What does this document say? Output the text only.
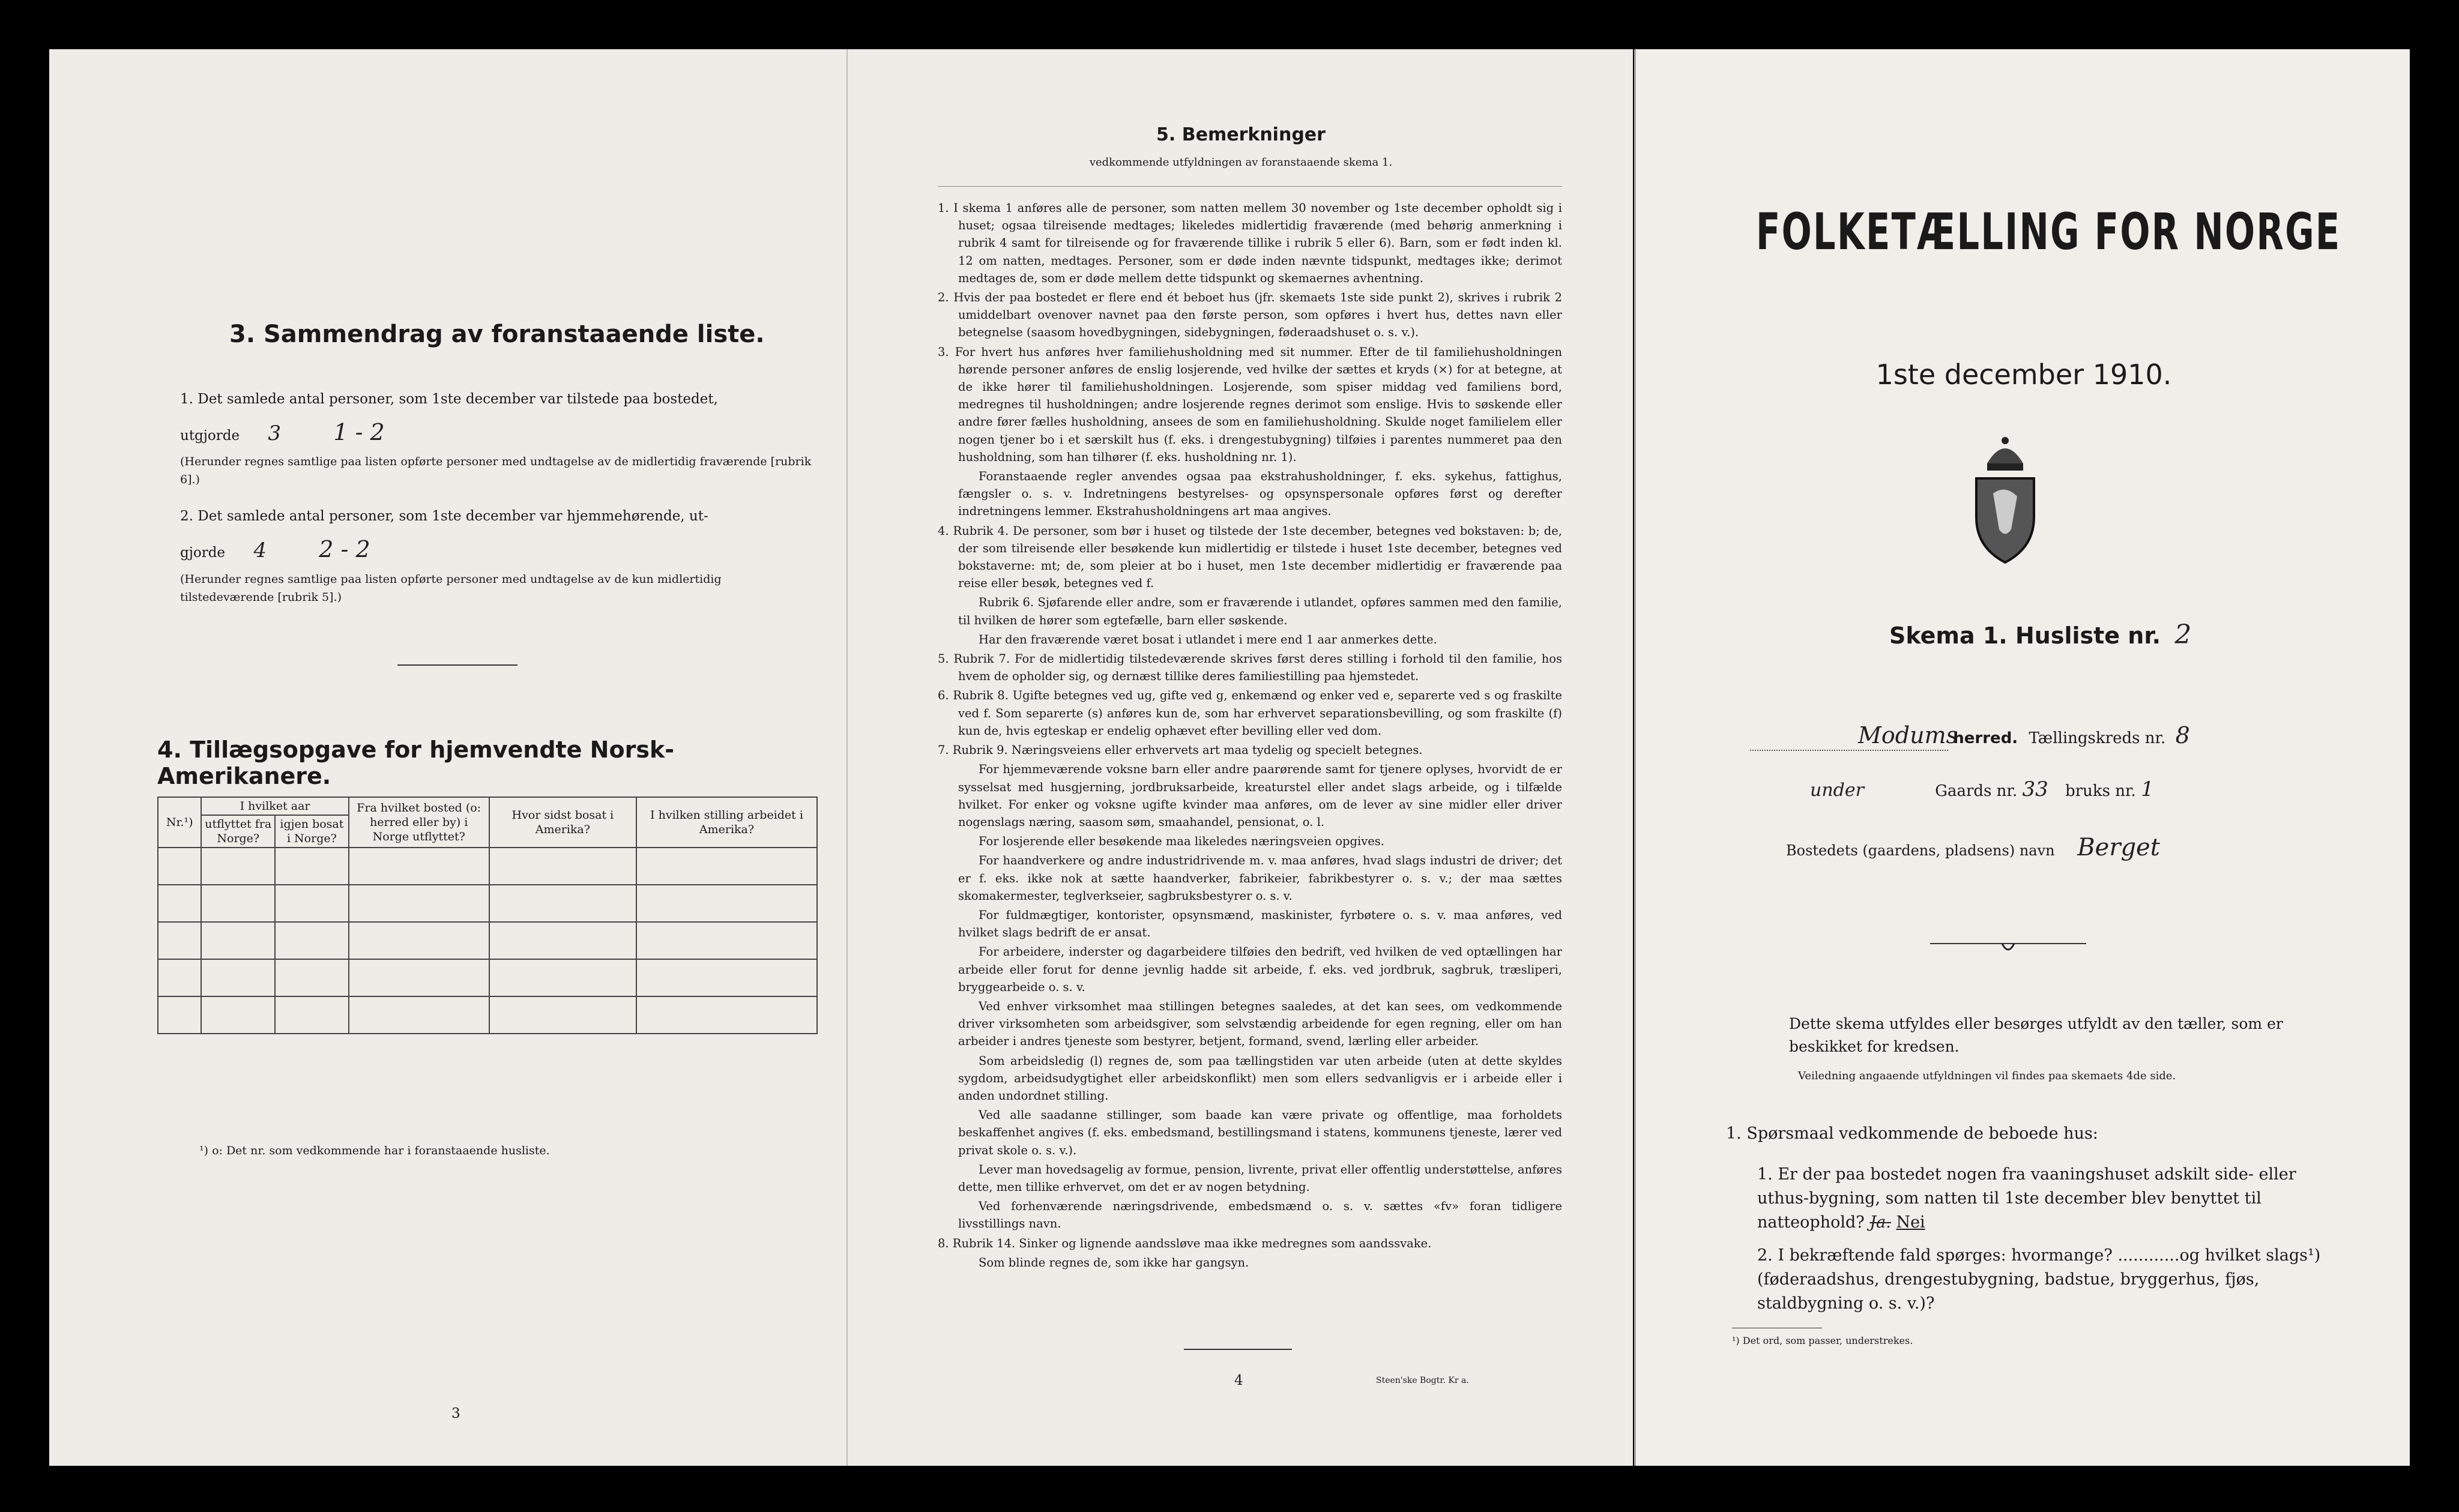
3. Sammendrag av foranstaaende liste.
1. Det samlede antal personer, som 1ste december var tilstede paa bostedet,
utgjorde 3 1 - 2
(Herunder regnes samtlige paa listen opførte personer med undtagelse av de midlertidig fraværende [rubrik 6].)
2. Det samlede antal personer, som 1ste december var hjemmehørende, ut-
gjorde 4 2 - 2
(Herunder regnes samtlige paa listen opførte personer med undtagelse av de kun midlertidig tilstedeværende [rubrik 5].)
4. Tillægsopgave for hjemvendte Norsk-Amerikanere.
Nr.¹)	I hvilket aar		Fra hvilket bosted (o: herred eller by) i Norge utflyttet?	Hvor sidst bosat i Amerika?	I hvilken stilling arbeidet i Amerika?
	utflyttet fra Norge?	igjen bosat i Norge?			

¹) o: Det nr. som vedkommende har i foranstaaende husliste.
3
5. Bemerkninger
vedkommende utfyldningen av foranstaaende skema 1.

1. I skema 1 anføres alle de personer, som natten mellem 30 november og 1ste december opholdt sig i huset; ogsaa tilreisende medtages; likeledes midlertidig fraværende (med behørig anmerkning i rubrik 4 samt for tilreisende og for fraværende tillike i rubrik 5 eller 6). Barn, som er født inden kl. 12 om natten, medtages. Personer, som er døde inden nævnte tidspunkt, medtages ikke; derimot medtages de, som er døde mellem dette tidspunkt og skemaernes avhentning.

2. Hvis der paa bostedet er flere end ét beboet hus (jfr. skemaets 1ste side punkt 2), skrives i rubrik 2 umiddelbart ovenover navnet paa den første person, som opføres i hvert hus, dettes navn eller betegnelse (saasom hovedbygningen, sidebygningen, føderaadshuset o. s. v.).

3. For hvert hus anføres hver familiehusholdning med sit nummer. Efter de til familiehusholdningen hørende personer anføres de enslig losjerende, ved hvilke der sættes et kryds (×) for at betegne, at de ikke hører til familiehusholdningen. Losjerende, som spiser middag ved familiens bord, medregnes til husholdningen; andre losjerende regnes derimot som enslige. Hvis to søskende eller andre fører fælles husholdning, ansees de som en familiehusholdning. Skulde noget familielem eller nogen tjener bo i et særskilt hus (f. eks. i drengestubygning) tilføies i parentes nummeret paa den husholdning, som han tilhører (f. eks. husholdning nr. 1).

Foranstaaende regler anvendes ogsaa paa ekstrahusholdninger, f. eks. sykehus, fattighus, fængsler o. s. v. Indretningens bestyrelses- og opsynspersonale opføres først og derefter indretningens lemmer. Ekstrahusholdningens art maa angives.

4. Rubrik 4. De personer, som bør i huset og tilstede der 1ste december, betegnes ved bokstaven: b; de, der som tilreisende eller besøkende kun midlertidig er tilstede i huset 1ste december, betegnes ved bokstaverne: mt; de, som pleier at bo i huset, men 1ste december midlertidig er fraværende paa reise eller besøk, betegnes ved f.

Rubrik 6. Sjøfarende eller andre, som er fraværende i utlandet, opføres sammen med den familie, til hvilken de hører som egtefælle, barn eller søskende.

Har den fraværende været bosat i utlandet i mere end 1 aar anmerkes dette.

5. Rubrik 7. For de midlertidig tilstedeværende skrives først deres stilling i forhold til den familie, hos hvem de opholder sig, og dernæst tillike deres familiestilling paa hjemstedet.

6. Rubrik 8. Ugifte betegnes ved ug, gifte ved g, enkemænd og enker ved e, separerte ved s og fraskilte ved f. Som separerte (s) anføres kun de, som har erhvervet separationsbevilling, og som fraskilte (f) kun de, hvis egteskap er endelig ophævet efter bevilling eller ved dom.

7. Rubrik 9. Næringsveiens eller erhvervets art maa tydelig og specielt betegnes.

For hjemmeværende voksne barn eller andre paarørende samt for tjenere oplyses, hvorvidt de er sysselsat med husgjerning, jordbruksarbeide, kreaturstel eller andet slags arbeide, og i tilfælde hvilket. For enker og voksne ugifte kvinder maa anføres, om de lever av sine midler eller driver nogenslags næring, saasom søm, smaahandel, pensionat, o. l.

For losjerende eller besøkende maa likeledes næringsveien opgives.

For haandverkere og andre industridrivende m. v. maa anføres, hvad slags industri de driver; det er f. eks. ikke nok at sætte haandverker, fabrikeier, fabrikbestyrer o. s. v.; der maa sættes skomakermester, teglverkseier, sagbruksbestyrer o. s. v.

For fuldmægtiger, kontorister, opsynsmænd, maskinister, fyrbøtere o. s. v. maa anføres, ved hvilket slags bedrift de er ansat.

For arbeidere, inderster og dagarbeidere tilføies den bedrift, ved hvilken de ved optællingen har arbeide eller forut for denne jevnlig hadde sit arbeide, f. eks. ved jordbruk, sagbruk, træsliperi, bryggearbeide o. s. v.

Ved enhver virksomhet maa stillingen betegnes saaledes, at det kan sees, om vedkommende driver virksomheten som arbeidsgiver, som selvstændig arbeidende for egen regning, eller om han arbeider i andres tjeneste som bestyrer, betjent, formand, svend, lærling eller arbeider.

Som arbeidsledig (l) regnes de, som paa tællingstiden var uten arbeide (uten at dette skyldes sygdom, arbeidsudygtighet eller arbeidskonflikt) men som ellers sedvanligvis er i arbeide eller i anden undordnet stilling.

Ved alle saadanne stillinger, som baade kan være private og offentlige, maa forholdets beskaffenhet angives (f. eks. embedsmand, bestillingsmand i statens, kommunens tjeneste, lærer ved privat skole o. s. v.).

Lever man hovedsagelig av formue, pension, livrente, privat eller offentlig understøttelse, anføres dette, men tillike erhvervet, om det er av nogen betydning.

Ved forhenværende næringsdrivende, embedsmænd o. s. v. sættes «fv» foran tidligere livsstillings navn.

8. Rubrik 14. Sinker og lignende aandssløve maa ikke medregnes som aandssvake.

Som blinde regnes de, som ikke har gangsyn.

4	Steen'ske Bogtr. Kr a.
FOLKETÆLLING FOR NORGE
1ste december 1910.
Skema 1. Husliste nr. 2
Modums herred. Tællingskreds nr. 8
under	Gaards nr. 33 bruks nr. 1
Bostedets (gaardens, pladsens) navn Berget
Dette skema utfyldes eller besørges utfyldt av den tæller, som er beskikket for kredsen.
Veiledning angaaende utfyldningen vil findes paa skemaets 4de side.
1. Spørsmaal vedkommende de beboede hus:
1. Er der paa bostedet nogen fra vaaningshuset adskilt side- eller uthus-bygning, som natten til 1ste december blev benyttet til natteophold? Ja. Nei
2. I bekræftende fald spørges: hvormange? ............og hvilket slags¹) (føderaadshus, drengestubygning, badstue, bryggerhus, fjøs, staldbygning o. s. v.)?
¹) Det ord, som passer, understrekes.
